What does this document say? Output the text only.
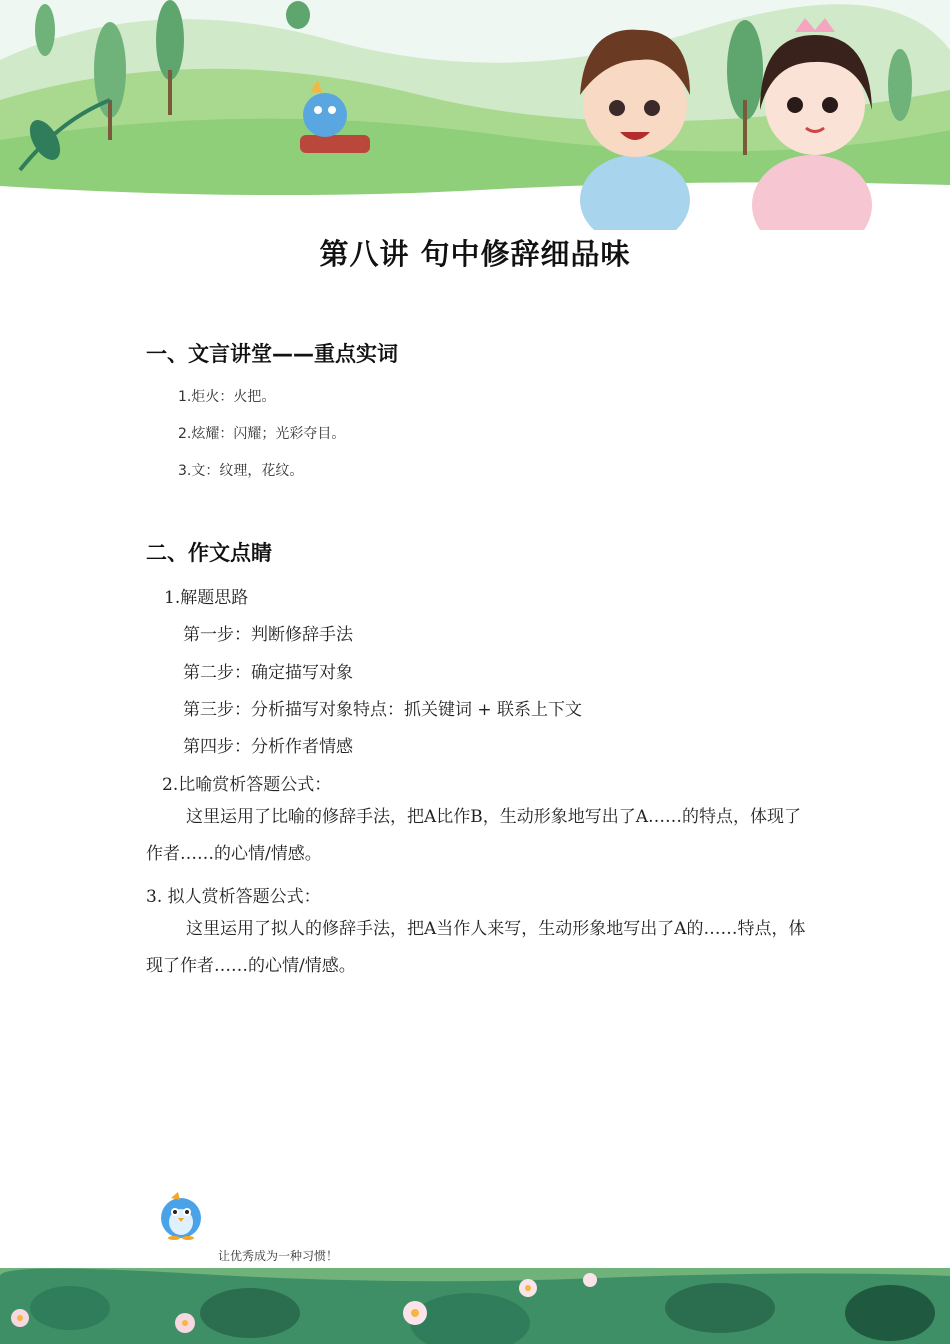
第八讲 句中修辞细品味
一、文言讲堂——重点实词
1.炬火：火把。
2.炫耀：闪耀；光彩夺目。
3.文：纹理，花纹。
二、作文点睛
1.解题思路
第一步：判断修辞手法
第二步：确定描写对象
第三步：分析描写对象特点：抓关键词 + 联系上下文
第四步：分析作者情感
2.比喻赏析答题公式：
这里运用了比喻的修辞手法，把A比作B，生动形象地写出了A……的特点，体现了作者……的心情/情感。
3. 拟人赏析答题公式：
这里运用了拟人的修辞手法，把A当作人来写，生动形象地写出了A的……特点，体现了作者……的心情/情感。
让优秀成为一种习惯！
